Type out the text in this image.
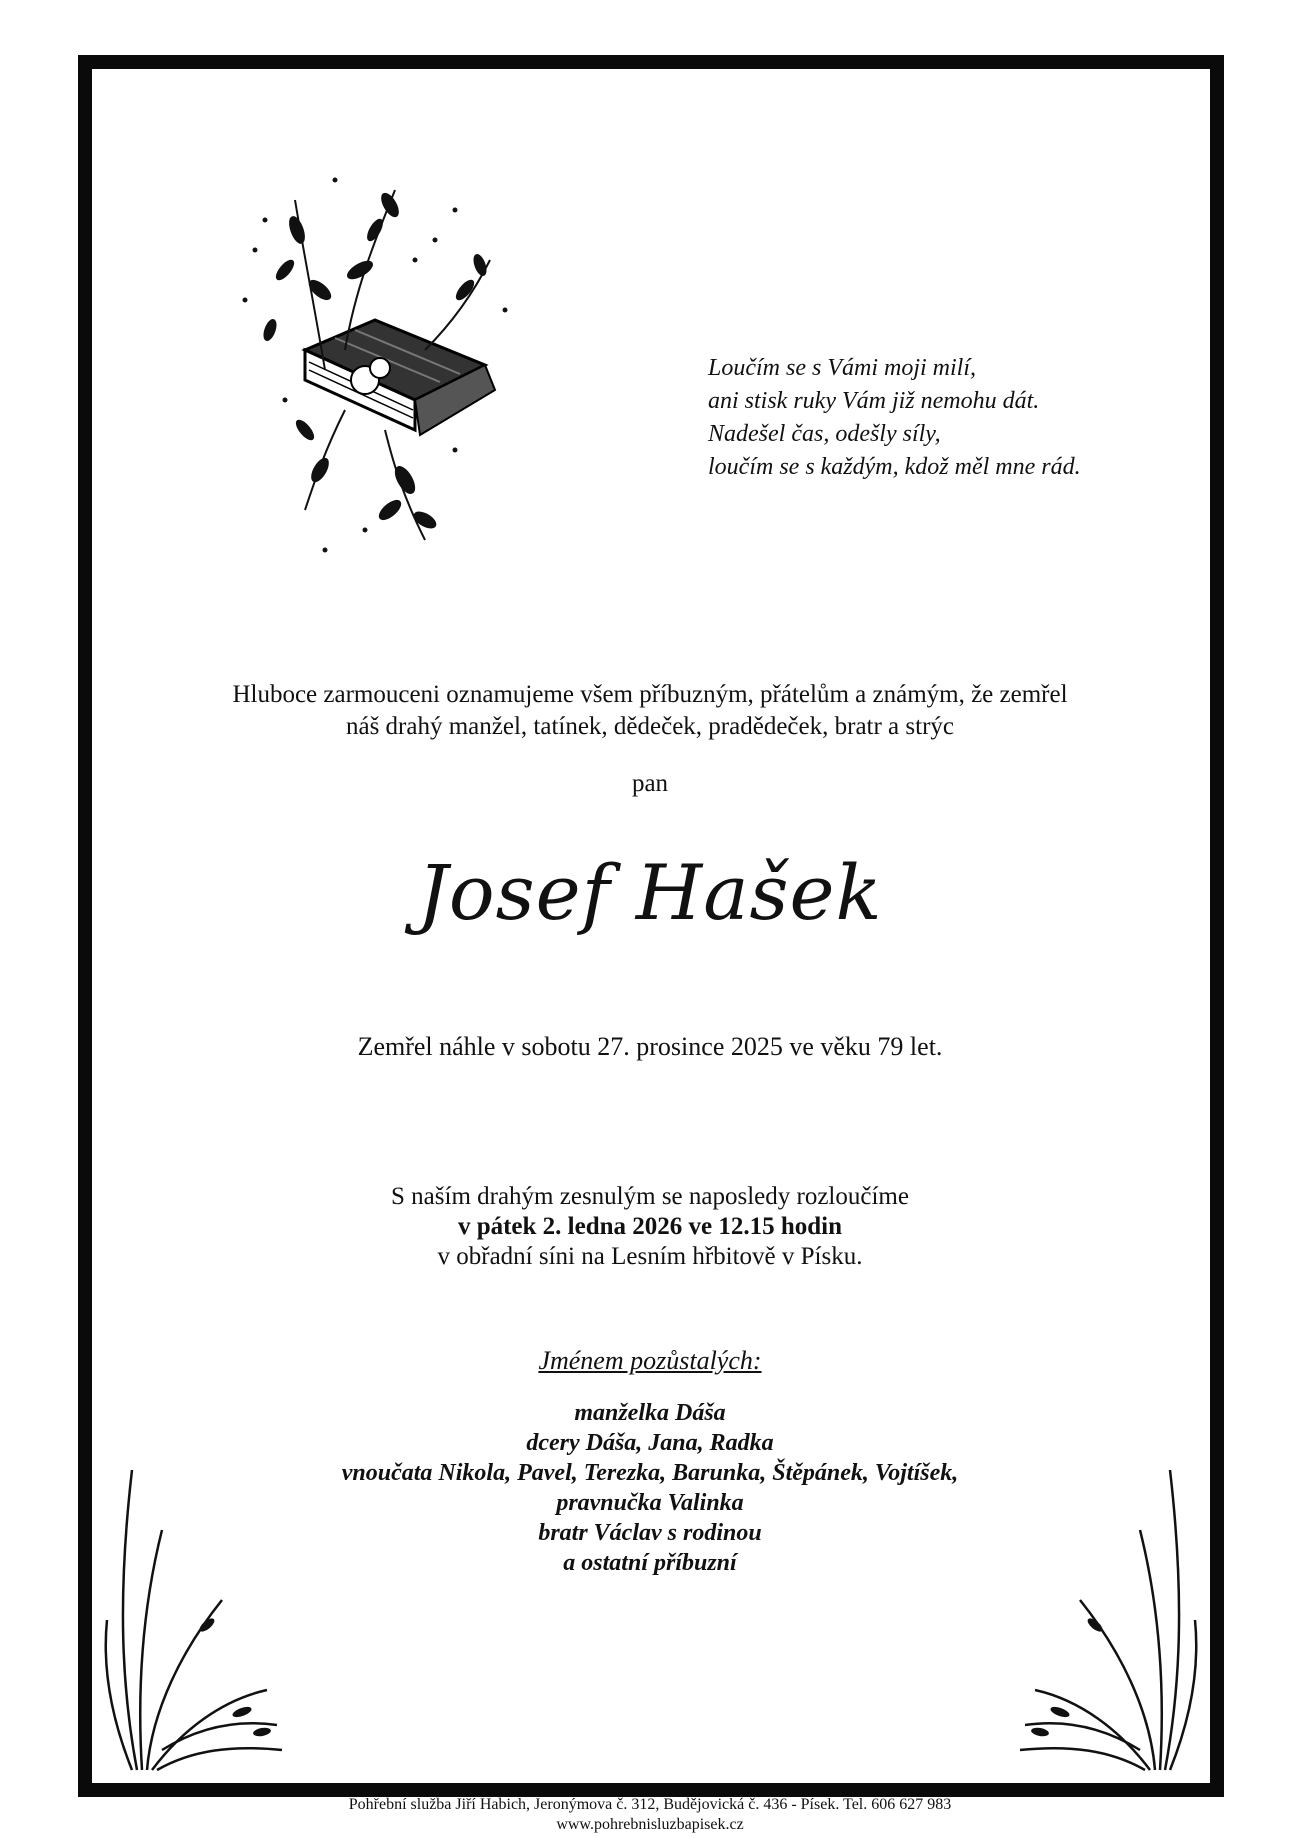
Loučím se s Vámi moji milí,
ani stisk ruky Vám již nemohu dát.
Nadešel čas, odešly síly,
loučím se s každým, kdož měl mne rád.
Hluboce zarmouceni oznamujeme všem příbuzným, přátelům a známým, že zemřel
náš drahý manžel, tatínek, dědeček, pradědeček, bratr a strýc
pan
Josef Hašek
Zemřel náhle v sobotu 27. prosince 2025 ve věku 79 let.
S naším drahým zesnulým se naposledy rozloučíme
v pátek 2. ledna 2026 ve 12.15 hodin
v obřadní síni na Lesním hřbitově v Písku.
Jménem pozůstalých:
manželka Dáša
dcery Dáša, Jana, Radka
vnoučata Nikola, Pavel, Terezka, Barunka, Štěpánek, Vojtíšek,
pravnučka Valinka
bratr Václav s rodinou
a ostatní příbuzní
Pohřební služba Jiří Habich, Jeronýmova č. 312, Budějovická č. 436 - Písek. Tel. 606 627 983
www.pohrebnisluzbapisek.cz
